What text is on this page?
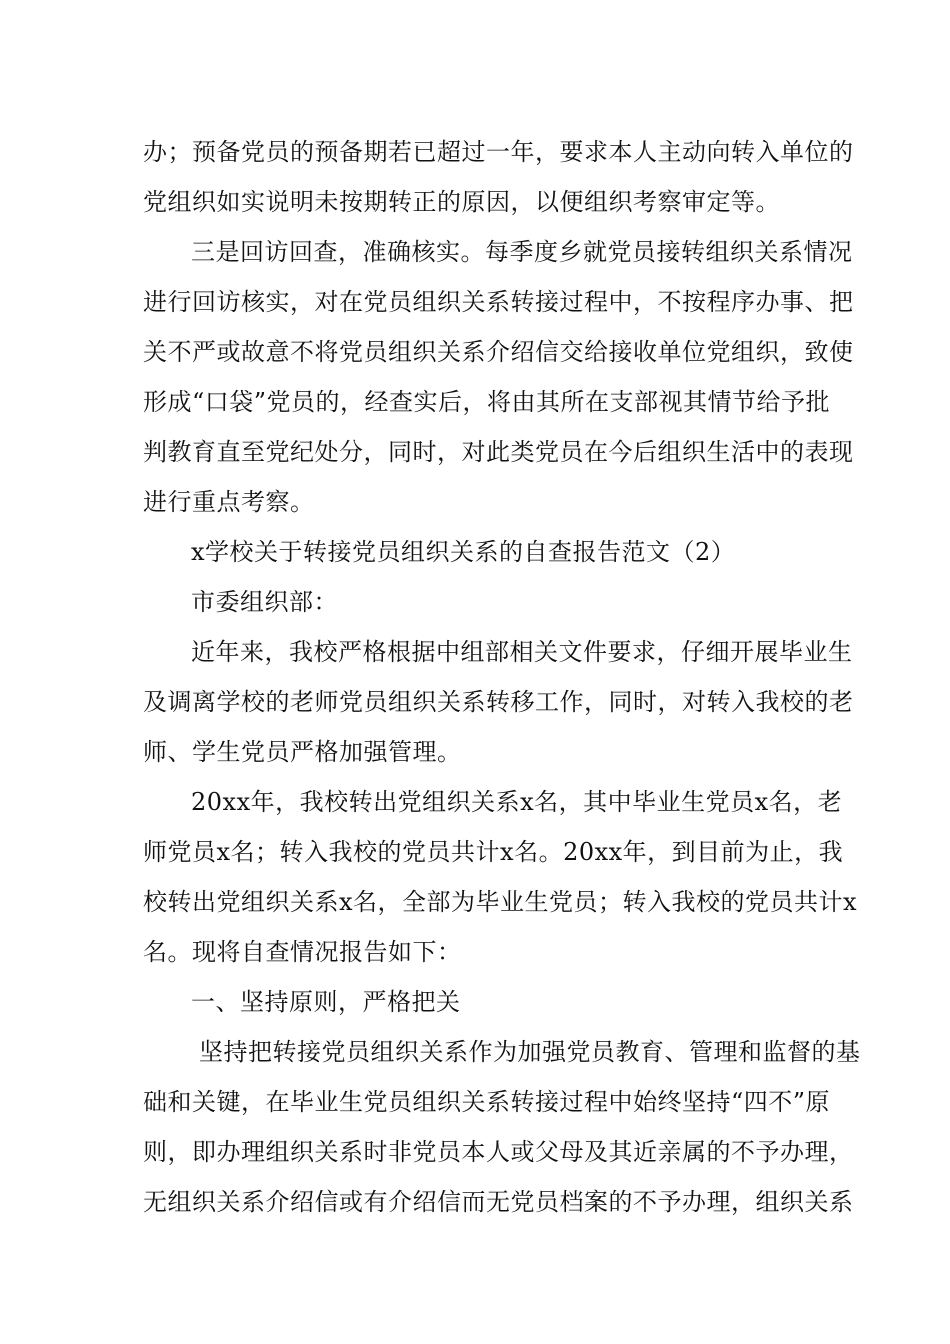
办；预备党员的预备期若已超过一年，要求本人主动向转入单位的
党组织如实说明未按期转正的原因，以便组织考察审定等。
三是回访回查，准确核实。每季度乡就党员接转组织关系情况
进行回访核实，对在党员组织关系转接过程中，不按程序办事、把
关不严或故意不将党员组织关系介绍信交给接收单位党组织，致使
形成“口袋”党员的，经查实后，将由其所在支部视其情节给予批
判教育直至党纪处分，同时，对此类党员在今后组织生活中的表现
进行重点考察。
x学校关于转接党员组织关系的自查报告范文（2）
市委组织部：
近年来，我校严格根据中组部相关文件要求，仔细开展毕业生
及调离学校的老师党员组织关系转移工作，同时，对转入我校的老
师、学生党员严格加强管理。
20xx年，我校转出党组织关系x名，其中毕业生党员x名，老
师党员x名；转入我校的党员共计x名。20xx年，到目前为止，我
校转出党组织关系x名，全部为毕业生党员；转入我校的党员共计x
名。现将自查情况报告如下：
一、坚持原则，严格把关
坚持把转接党员组织关系作为加强党员教育、管理和监督的基
础和关键，在毕业生党员组织关系转接过程中始终坚持“四不”原
则，即办理组织关系时非党员本人或父母及其近亲属的不予办理，
无组织关系介绍信或有介绍信而无党员档案的不予办理，组织关系
